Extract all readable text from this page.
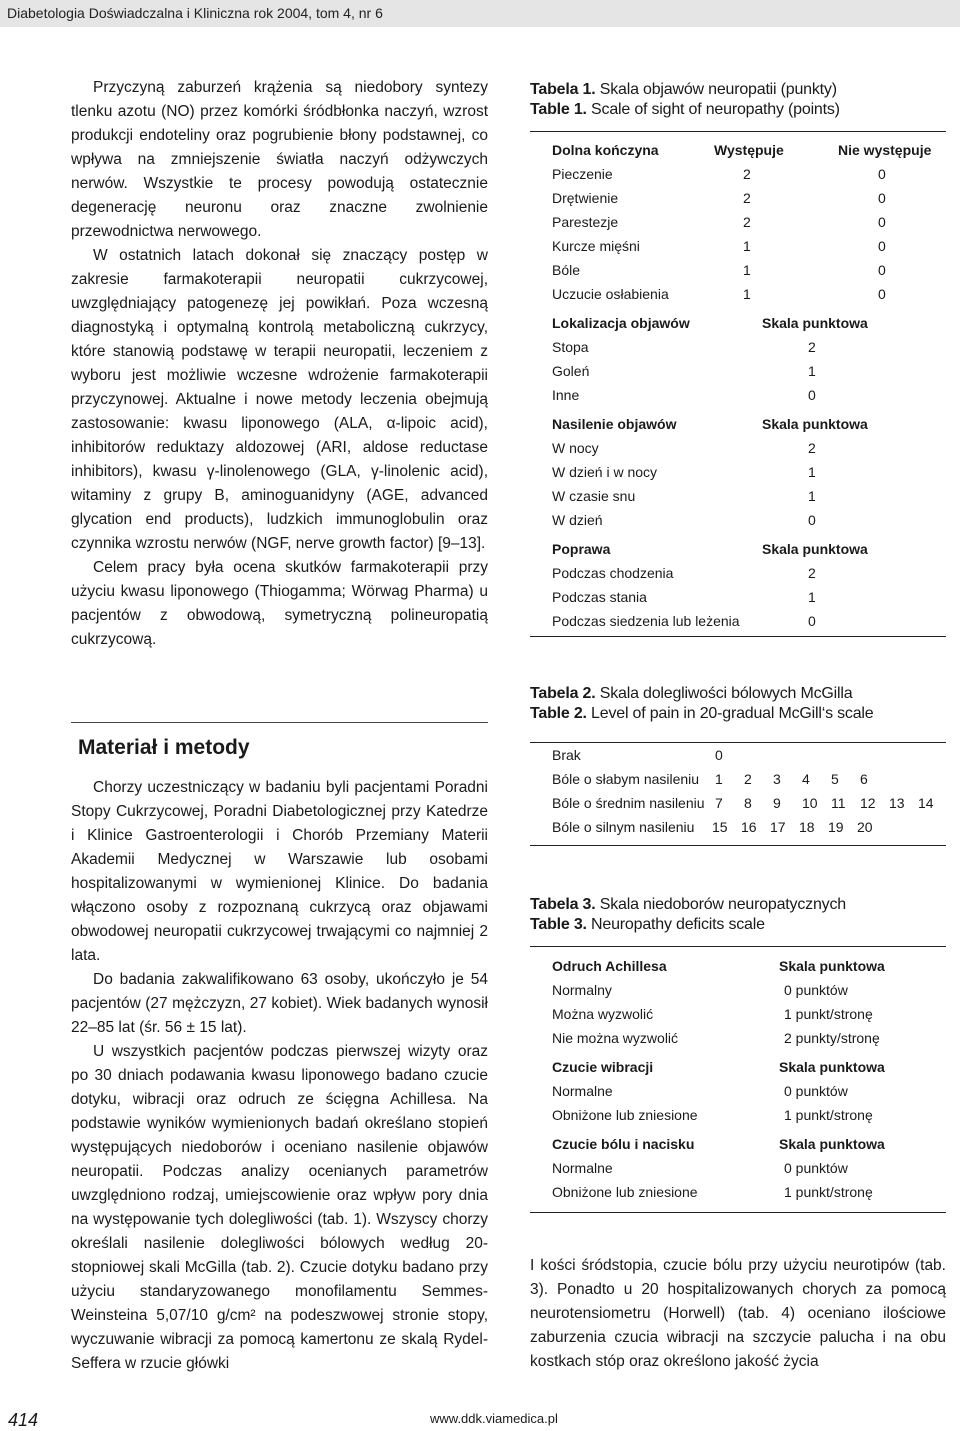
Diabetologia Doświadczalna i Kliniczna rok 2004, tom 4, nr 6

Przyczyną zaburzeń krążenia są niedobory syntezy tlenku azotu (NO) przez komórki śródbłonka naczyń, wzrost produkcji endoteliny oraz pogrubienie błony podstawnej, co wpływa na zmniejszenie światła naczyń odżywczych nerwów. Wszystkie te procesy powodują ostatecznie degenerację neuronu oraz znaczne zwolnienie przewodnictwa nerwowego.

W ostatnich latach dokonał się znaczący postęp w zakresie farmakoterapii neuropatii cukrzycowej, uwzględniający patogenezę jej powikłań. Poza wczesną diagnostyką i optymalną kontrolą metaboliczną cukrzycy, które stanowią podstawę w terapii neuropatii, leczeniem z wyboru jest możliwie wczesne wdrożenie farmakoterapii przyczynowej. Aktualne i nowe metody leczenia obejmują zastosowanie: kwasu liponowego (ALA, α-lipoic acid), inhibitorów reduktazy aldozowej (ARI, aldose reductase inhibitors), kwasu γ-linolenowego (GLA, γ-linolenic acid), witaminy z grupy B, aminoguanidyny (AGE, advanced glycation end products), ludzkich immunoglobulin oraz czynnika wzrostu nerwów (NGF, nerve growth factor) [9–13].

Celem pracy była ocena skutków farmakoterapii przy użyciu kwasu liponowego (Thiogamma; Wörwag Pharma) u pacjentów z obwodową, symetryczną polineuropatią cukrzycową.

Materiał i metody

Chorzy uczestniczący w badaniu byli pacjentami Poradni Stopy Cukrzycowej, Poradni Diabetologicznej przy Katedrze i Klinice Gastroenterologii i Chorób Przemiany Materii Akademii Medycznej w Warszawie lub osobami hospitalizowanymi w wymienionej Klinice. Do badania włączono osoby z rozpoznaną cukrzycą oraz objawami obwodowej neuropatii cukrzycowej trwającymi co najmniej 2 lata.

Do badania zakwalifikowano 63 osoby, ukończyło je 54 pacjentów (27 mężczyzn, 27 kobiet). Wiek badanych wynosił 22–85 lat (śr. 56 ± 15 lat).

U wszystkich pacjentów podczas pierwszej wizyty oraz po 30 dniach podawania kwasu liponowego badano czucie dotyku, wibracji oraz odruch ze ścięgna Achillesa. Na podstawie wyników wymienionych badań określano stopień występujących niedoborów i oceniano nasilenie objawów neuropatii. Podczas analizy ocenianych parametrów uwzględniono rodzaj, umiejscowienie oraz wpływ pory dnia na występowanie tych dolegliwości (tab. 1). Wszyscy chorzy określali nasilenie dolegliwości bólowych według 20-stopniowej skali McGilla (tab. 2). Czucie dotyku badano przy użyciu standaryzowanego monofilamentu Semmes-Weinsteina 5,07/10 g/cm² na podeszwowej stronie stopy, wyczuwanie wibracji za pomocą kamertonu ze skalą Rydel-Seffera w rzucie główki

Tabela 1. Skala objawów neuropatii (punkty)
Table 1. Scale of sight of neuropathy (points)
Dolna kończyna	Występuje	Nie występuje
Pieczenie	2	0
Drętwienie	2	0
Parestezje	2	0
Kurcze mięśni	1	0
Bóle	1	0
Uczucie osłabienia	1	0
Lokalizacja objawów	Skala punktowa
Stopa	2
Goleń	1
Inne	0
Nasilenie objawów	Skala punktowa
W nocy	2
W dzień i w nocy	1
W czasie snu	1
W dzień	0
Poprawa	Skala punktowa
Podczas chodzenia	2
Podczas stania	1
Podczas siedzenia lub leżenia	0
Tabela 2. Skala dolegliwości bólowych McGilla
Table 2. Level of pain in 20-gradual McGill‘s scale
Brak	0
Bóle o słabym nasileniu 1 2 3 4 5 6
Bóle o średnim nasileniu 7 8 9 10 11 12 13 14
Bóle o silnym nasileniu 15 16 17 18 19 20
Tabela 3. Skala niedoborów neuropatycznych
Table 3. Neuropathy deficits scale
Odruch Achillesa	Skala punktowa
Normalny	0 punktów
Można wyzwolić	1 punkt/stronę
Nie można wyzwolić	2 punkty/stronę
Czucie wibracji	Skala punktowa
Normalne	0 punktów
Obniżone lub zniesione	1 punkt/stronę
Czucie bólu i nacisku	Skala punktowa
Normalne	0 punktów
Obniżone lub zniesione	1 punkt/stronę

I kości śródstopia, czucie bólu przy użyciu neurotipów (tab. 3). Ponadto u 20 hospitalizowanych chorych za pomocą neurotensiometru (Horwell) (tab. 4) oceniano ilościowe zaburzenia czucia wibracji na szczycie palucha i na obu kostkach stóp oraz określono jakość życia

414	www.ddk.viamedica.pl
